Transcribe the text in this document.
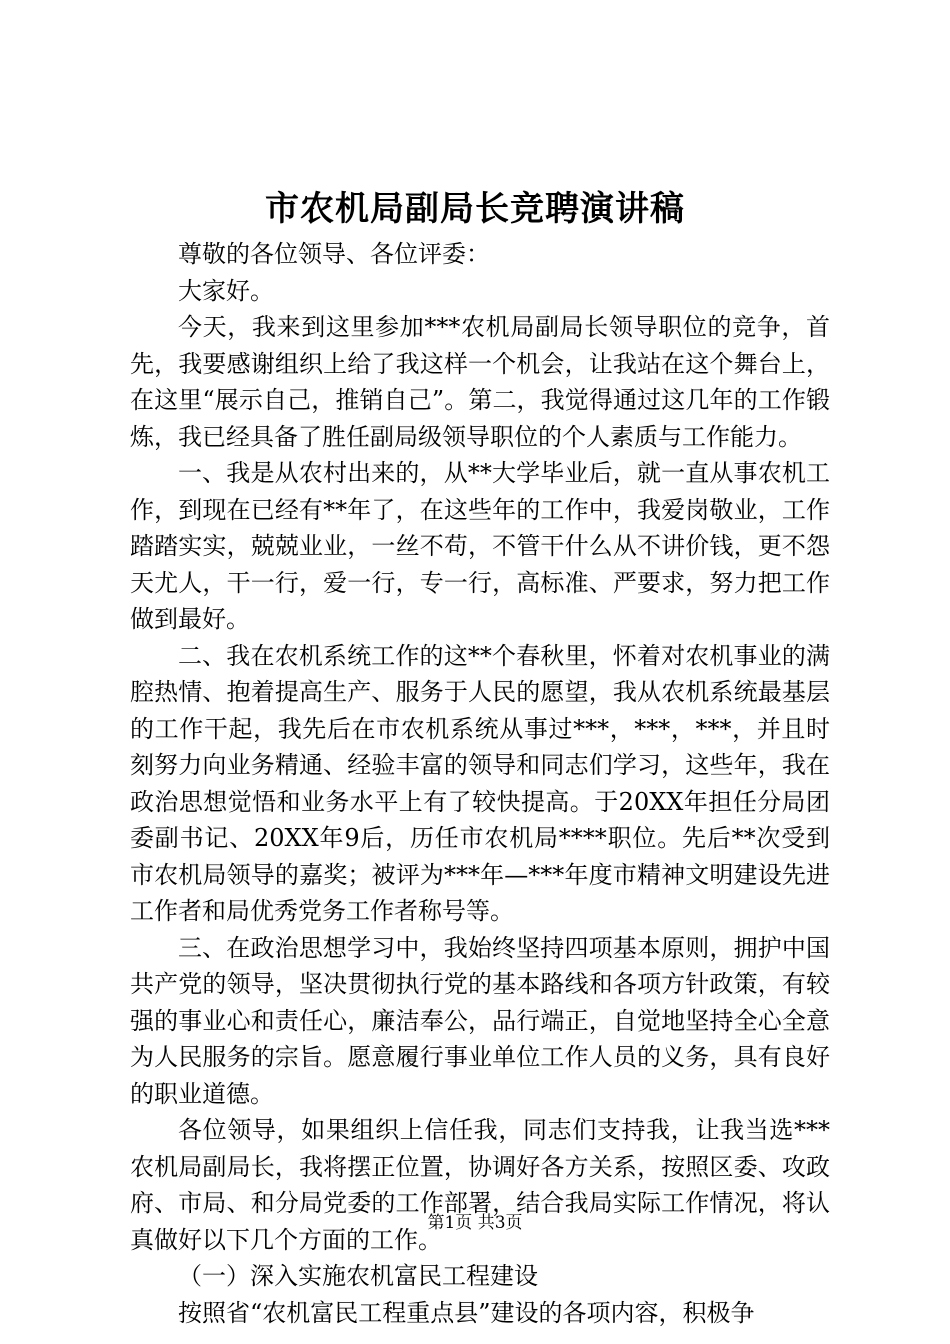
市农机局副局长竞聘演讲稿

尊敬的各位领导、各位评委：

大家好。

今天，我来到这里参加***农机局副局长领导职位的竞争，首先，我要感谢组织上给了我这样一个机会，让我站在这个舞台上，在这里“展示自己，推销自己”。第二，我觉得通过这几年的工作锻炼，我已经具备了胜任副局级领导职位的个人素质与工作能力。

一、我是从农村出来的，从**大学毕业后，就一直从事农机工作，到现在已经有**年了，在这些年的工作中，我爱岗敬业，工作踏踏实实，兢兢业业，一丝不苟，不管干什么从不讲价钱，更不怨天尤人，干一行，爱一行，专一行，高标准、严要求，努力把工作做到最好。

二、我在农机系统工作的这**个春秋里，怀着对农机事业的满腔热情、抱着提高生产、服务于人民的愿望，我从农机系统最基层的工作干起，我先后在市农机系统从事过***，***，***，并且时刻努力向业务精通、经验丰富的领导和同志们学习，这些年，我在政治思想觉悟和业务水平上有了较快提高。于20XX年担任分局团委副书记、20XX年9后，历任市农机局****职位。先后**次受到市农机局领导的嘉奖；被评为***年—***年度市精神文明建设先进工作者和局优秀党务工作者称号等。

三、在政治思想学习中，我始终坚持四项基本原则，拥护中国共产党的领导，坚决贯彻执行党的基本路线和各项方针政策，有较强的事业心和责任心，廉洁奉公，品行端正，自觉地坚持全心全意为人民服务的宗旨。愿意履行事业单位工作人员的义务，具有良好的职业道德。

各位领导，如果组织上信任我，同志们支持我，让我当选***农机局副局长，我将摆正位置，协调好各方关系，按照区委、攻政府、市局、和分局党委的工作部署，结合我局实际工作情况，将认真做好以下几个方面的工作。

（一）深入实施农机富民工程建设

按照省“农机富民工程重点县”建设的各项内容，积极争

第1页 共3页
